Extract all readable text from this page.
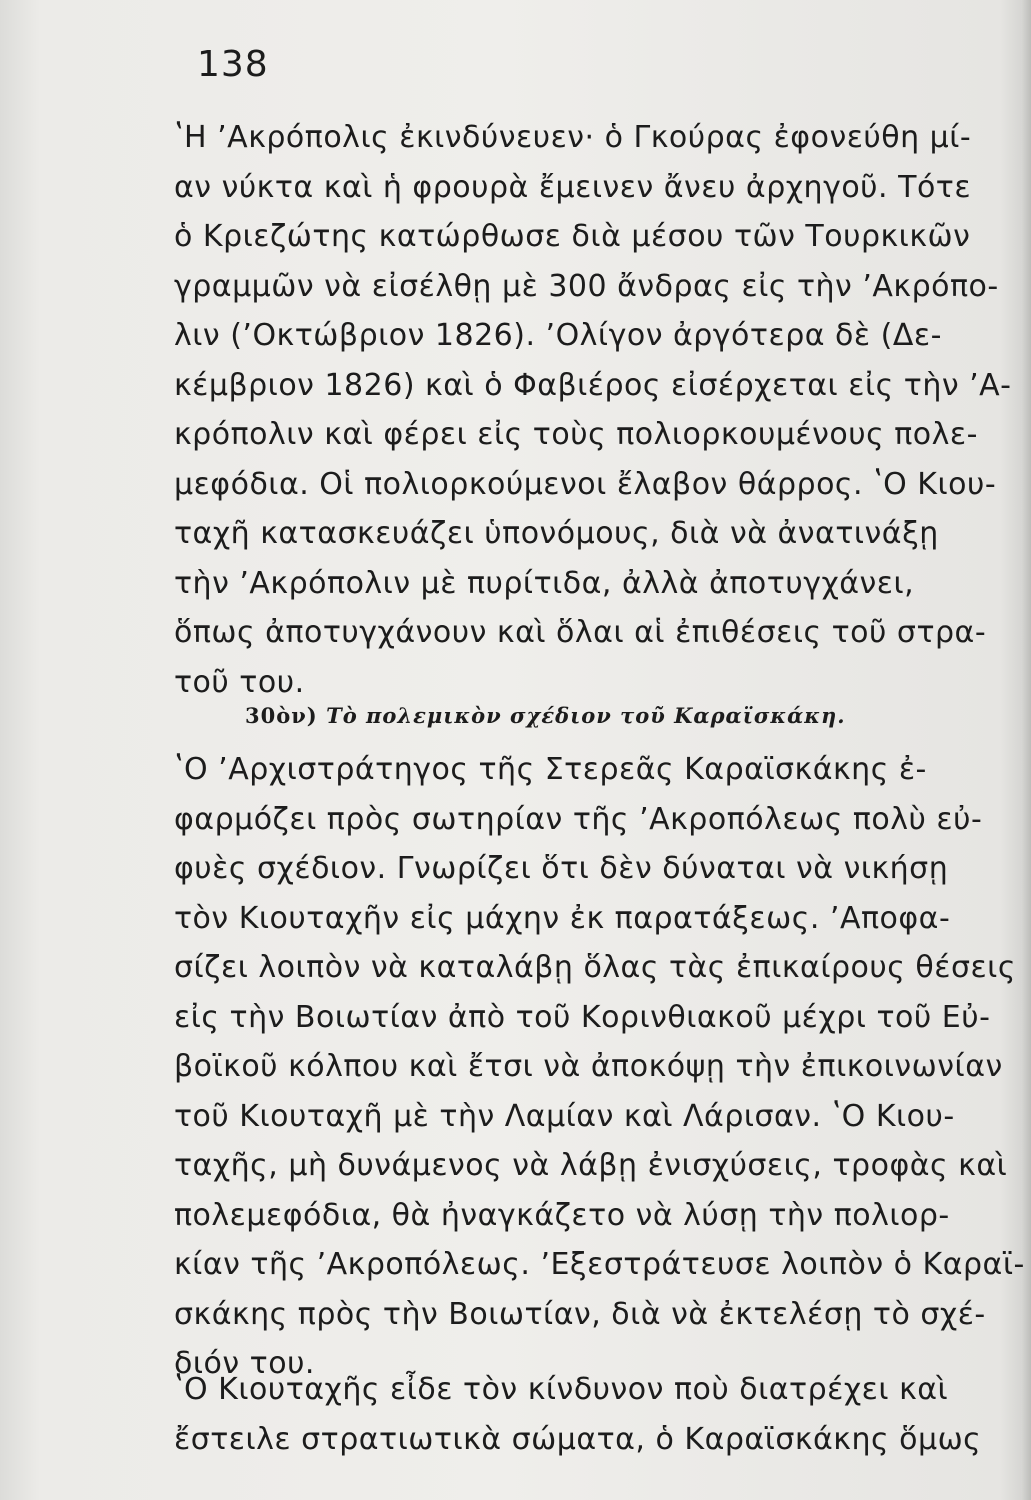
138
ʽΗ ʼΑκρόπολις ἐκινδύνευεν· ὁ Γκούρας ἐφονεύθη μί-
αν νύκτα καὶ ἡ φρουρὰ ἔμεινεν ἄνευ ἀρχηγοῦ. Τότε
ὁ Κριεζώτης κατώρθωσε διὰ μέσου τῶν Τουρκικῶν
γραμμῶν νὰ εἰσέλθῃ μὲ 300 ἄνδρας εἰς τὴν ʼΑκρόπο-
λιν (ʼΟκτώβριον 1826). ʼΟλίγον ἀργότερα δὲ (Δε-
κέμβριον 1826) καὶ ὁ Φαβιέρος εἰσέρχεται εἰς τὴν ʼΑ-
κρόπολιν καὶ φέρει εἰς τοὺς πολιορκουμένους πολε-
μεφόδια. Οἱ πολιορκούμενοι ἔλαβον θάρρος. ʽΟ Κιου-
ταχῆ κατασκευάζει ὑπονόμους, διὰ νὰ ἀνατινάξῃ
τὴν ʼΑκρόπολιν μὲ πυρίτιδα, ἀλλὰ ἀποτυγχάνει,
ὅπως ἀποτυγχάνουν καὶ ὅλαι αἱ ἐπιθέσεις τοῦ στρα-
τοῦ του.
30ὸν) Τὸ πολεμικὸν σχέδιον τοῦ Καραϊσκάκη.
ʽΟ ʼΑρχιστράτηγος τῆς Στερεᾶς Καραϊσκάκης ἐ-
φαρμόζει πρὸς σωτηρίαν τῆς ʼΑκροπόλεως πολὺ εὐ-
φυὲς σχέδιον. Γνωρίζει ὅτι δὲν δύναται νὰ νικήσῃ
τὸν Κιουταχῆν εἰς μάχην ἐκ παρατάξεως. ʼΑποφα-
σίζει λοιπὸν νὰ καταλάβῃ ὅλας τὰς ἐπικαίρους θέσεις
εἰς τὴν Βοιωτίαν ἀπὸ τοῦ Κορινθιακοῦ μέχρι τοῦ Εὐ-
βοϊκοῦ κόλπου καὶ ἔτσι νὰ ἀποκόψῃ τὴν ἐπικοινωνίαν
τοῦ Κιουταχῆ μὲ τὴν Λαμίαν καὶ Λάρισαν. ʽΟ Κιου-
ταχῆς, μὴ δυνάμενος νὰ λάβῃ ἐνισχύσεις, τροφὰς καὶ
πολεμεφόδια, θὰ ἠναγκάζετο νὰ λύσῃ τὴν πολιορ-
κίαν τῆς ʼΑκροπόλεως. ʼΕξεστράτευσε λοιπὸν ὁ Καραϊ-
σκάκης πρὸς τὴν Βοιωτίαν, διὰ νὰ ἐκτελέσῃ τὸ σχέ-
διόν του.
ʽΟ Κιουταχῆς εἶδε τὸν κίνδυνον ποὺ διατρέχει καὶ
ἔστειλε στρατιωτικὰ σώματα, ὁ Καραϊσκάκης ὅμως
